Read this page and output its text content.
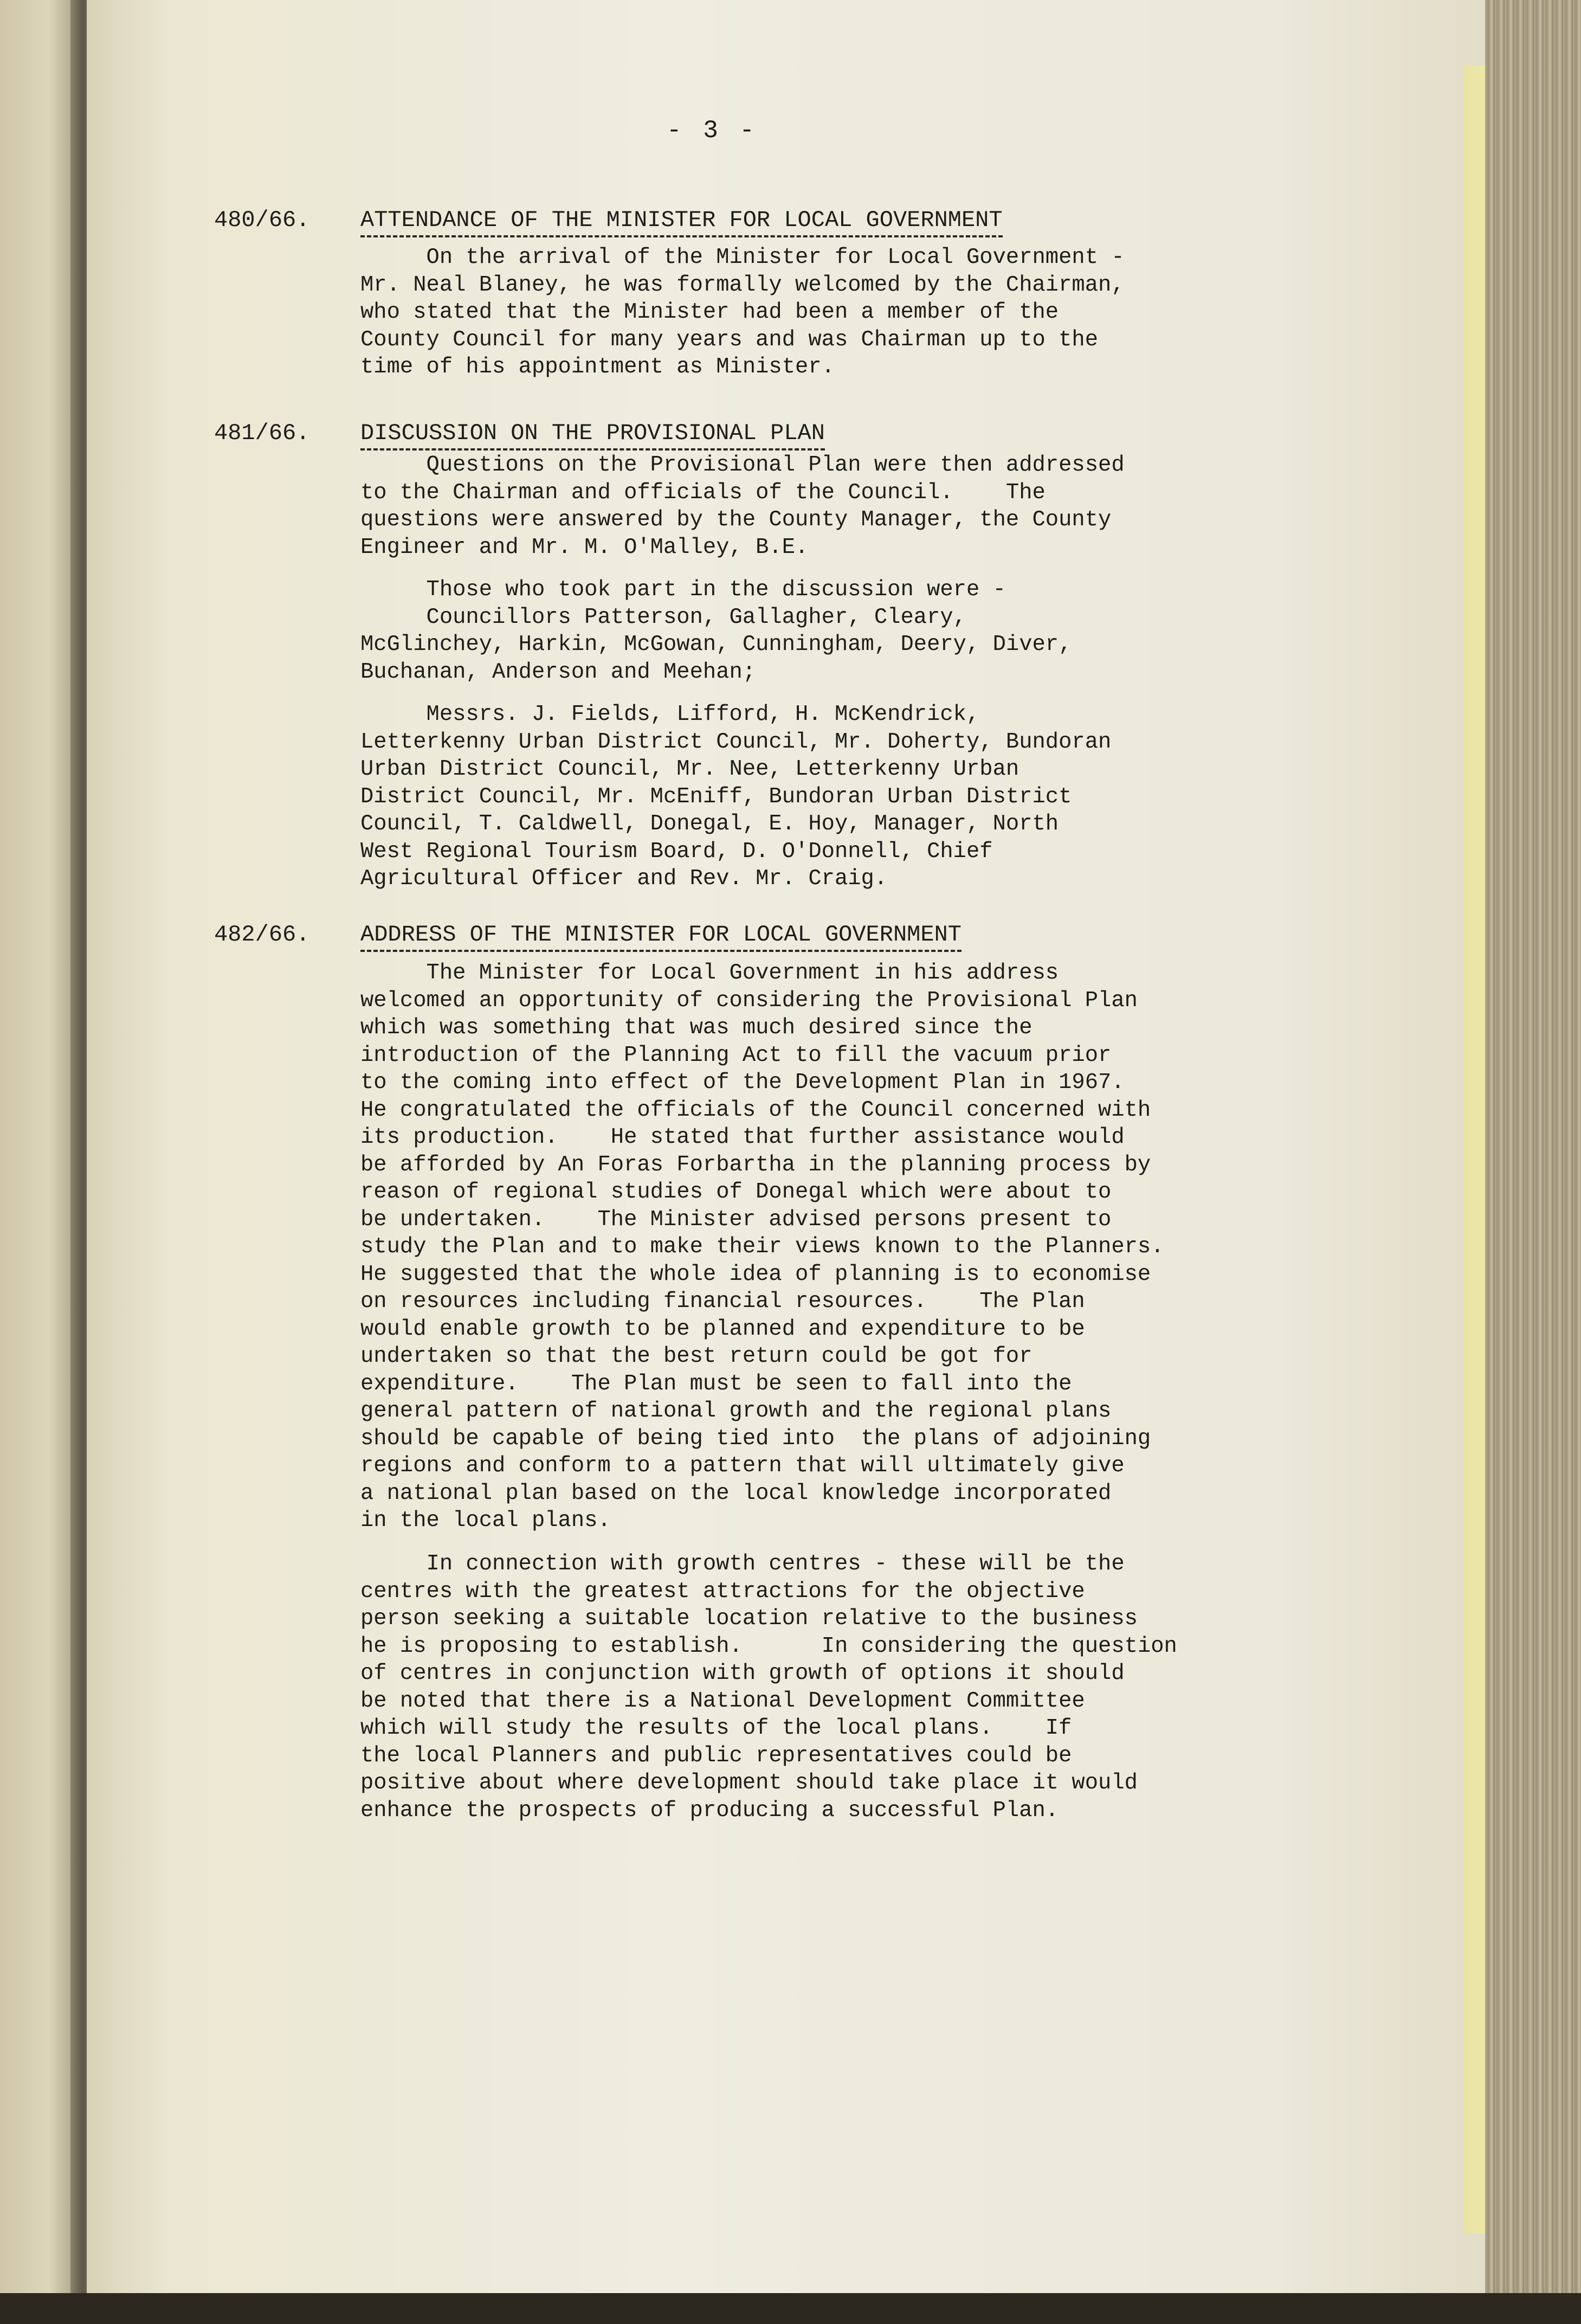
- 3 -
480/66. ATTENDANCE OF THE MINISTER FOR LOCAL GOVERNMENT

On the arrival of the Minister for Local Government -
Mr. Neal Blaney, he was formally welcomed by the Chairman,
who stated that the Minister had been a member of the
County Council for many years and was Chairman up to the
time of his appointment as Minister.

481/66. DISCUSSION ON THE PROVISIONAL PLAN

Questions on the Provisional Plan were then addressed
to the Chairman and officials of the Council.    The
questions were answered by the County Manager, the County
Engineer and Mr. M. O'Malley, B.E.

Those who took part in the discussion were -
Councillors Patterson, Gallagher, Cleary,
McGlinchey, Harkin, McGowan, Cunningham, Deery, Diver,
Buchanan, Anderson and Meehan;

Messrs. J. Fields, Lifford, H. McKendrick,
Letterkenny Urban District Council, Mr. Doherty, Bundoran
Urban District Council, Mr. Nee, Letterkenny Urban
District Council, Mr. McEniff, Bundoran Urban District
Council, T. Caldwell, Donegal, E. Hoy, Manager, North
West Regional Tourism Board, D. O'Donnell, Chief
Agricultural Officer and Rev. Mr. Craig.

482/66. ADDRESS OF THE MINISTER FOR LOCAL GOVERNMENT

The Minister for Local Government in his address
welcomed an opportunity of considering the Provisional Plan
which was something that was much desired since the
introduction of the Planning Act to fill the vacuum prior
to the coming into effect of the Development Plan in 1967.
He congratulated the officials of the Council concerned with
its production.    He stated that further assistance would
be afforded by An Foras Forbartha in the planning process by
reason of regional studies of Donegal which were about to
be undertaken.    The Minister advised persons present to
study the Plan and to make their views known to the Planners.
He suggested that the whole idea of planning is to economise
on resources including financial resources.    The Plan
would enable growth to be planned and expenditure to be
undertaken so that the best return could be got for
expenditure.    The Plan must be seen to fall into the
general pattern of national growth and the regional plans
should be capable of being tied into  the plans of adjoining
regions and conform to a pattern that will ultimately give
a national plan based on the local knowledge incorporated
in the local plans.

In connection with growth centres - these will be the
centres with the greatest attractions for the objective
person seeking a suitable location relative to the business
he is proposing to establish.      In considering the question
of centres in conjunction with growth of options it should
be noted that there is a National Development Committee
which will study the results of the local plans.    If
the local Planners and public representatives could be
positive about where development should take place it would
enhance the prospects of producing a successful Plan.
